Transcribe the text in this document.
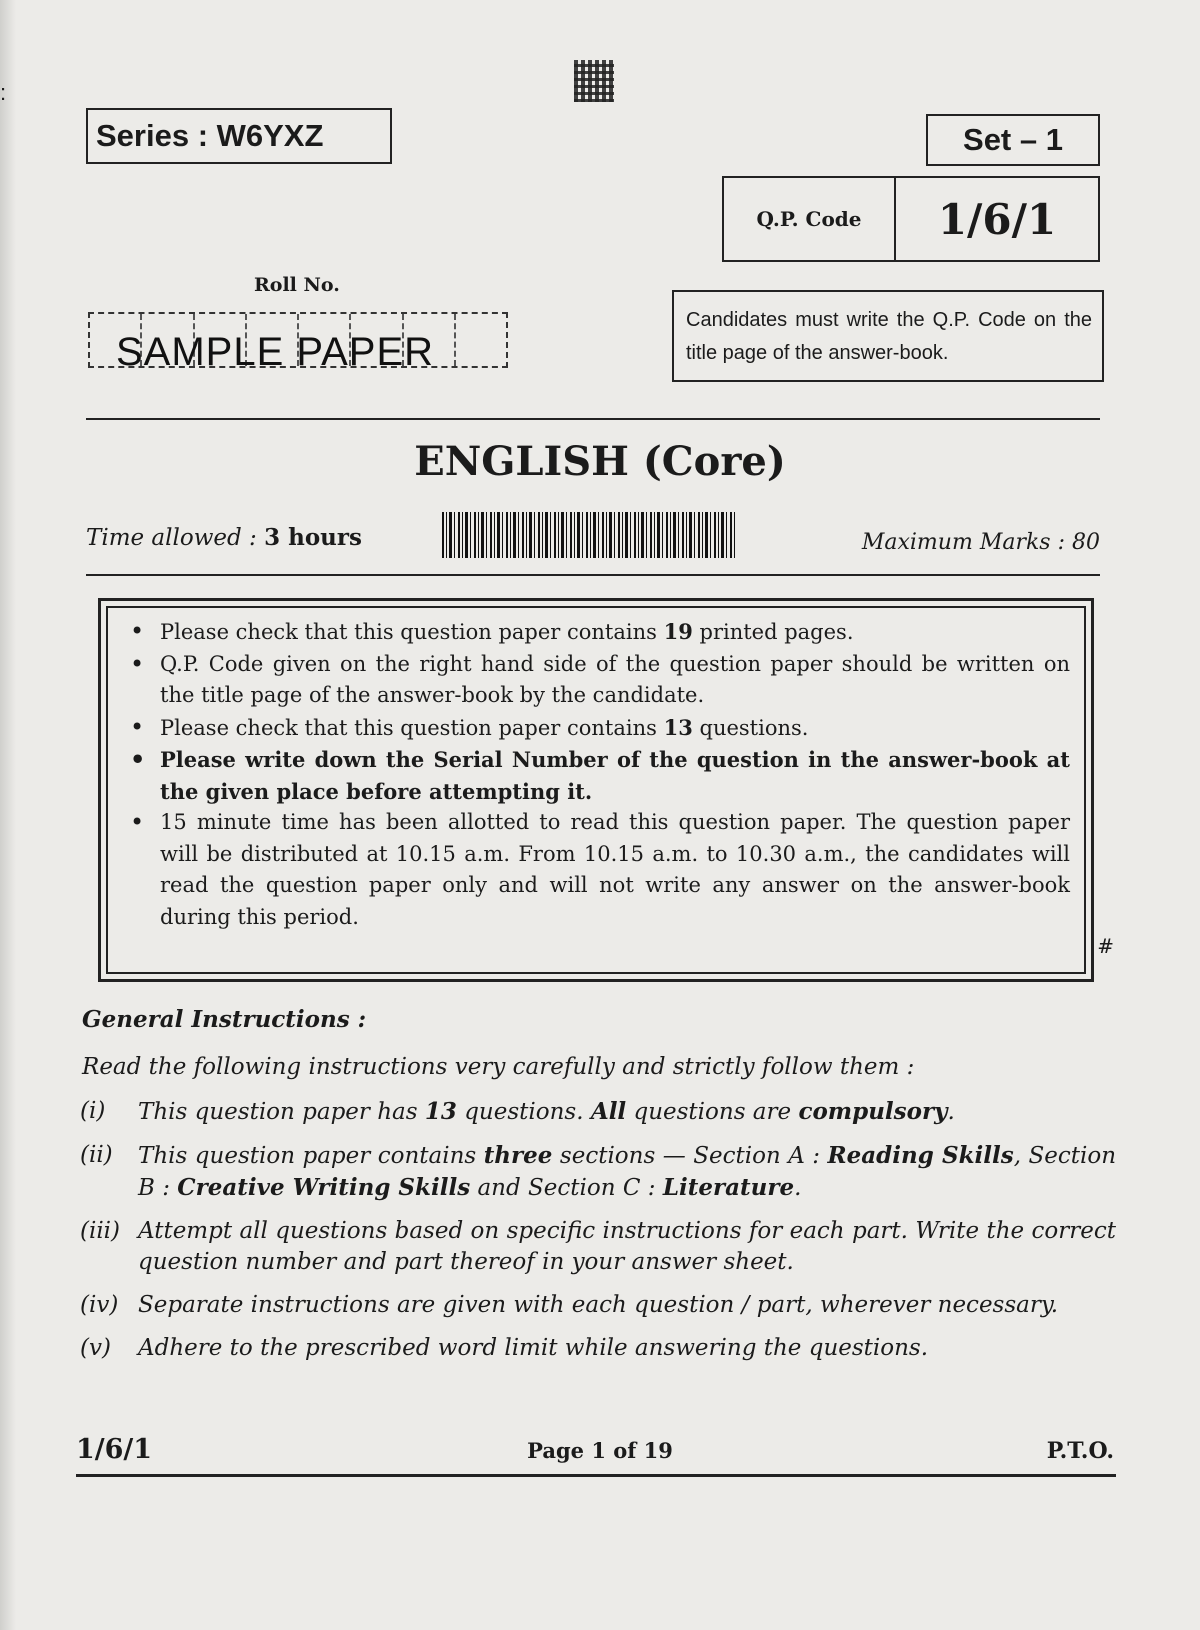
:
Series : W6YXZ	Set – 1
Q.P. Code	1/6/1
Roll No.
SAMPLE PAPER
Candidates must write the Q.P. Code on the title page of the answer-book.
ENGLISH (Core)
Time allowed : 3 hours	Maximum Marks : 80
• Please check that this question paper contains 19 printed pages.
• Q.P. Code given on the right hand side of the question paper should be written on the title page of the answer-book by the candidate.
• Please check that this question paper contains 13 questions.
• Please write down the Serial Number of the question in the answer-book at the given place before attempting it.
• 15 minute time has been allotted to read this question paper. The question paper will be distributed at 10.15 a.m. From 10.15 a.m. to 10.30 a.m., the candidates will read the question paper only and will not write any answer on the answer-book during this period.
#
General Instructions :
Read the following instructions very carefully and strictly follow them :
(i)	This question paper has 13 questions. All questions are compulsory.
(ii)	This question paper contains three sections — Section A : Reading Skills, Section B : Creative Writing Skills and Section C : Literature.
(iii) Attempt all questions based on specific instructions for each part. Write the correct question number and part thereof in your answer sheet.
(iv) Separate instructions are given with each question / part, wherever necessary.
(v)	Adhere to the prescribed word limit while answering the questions.
1/6/1	Page 1 of 19	P.T.O.
